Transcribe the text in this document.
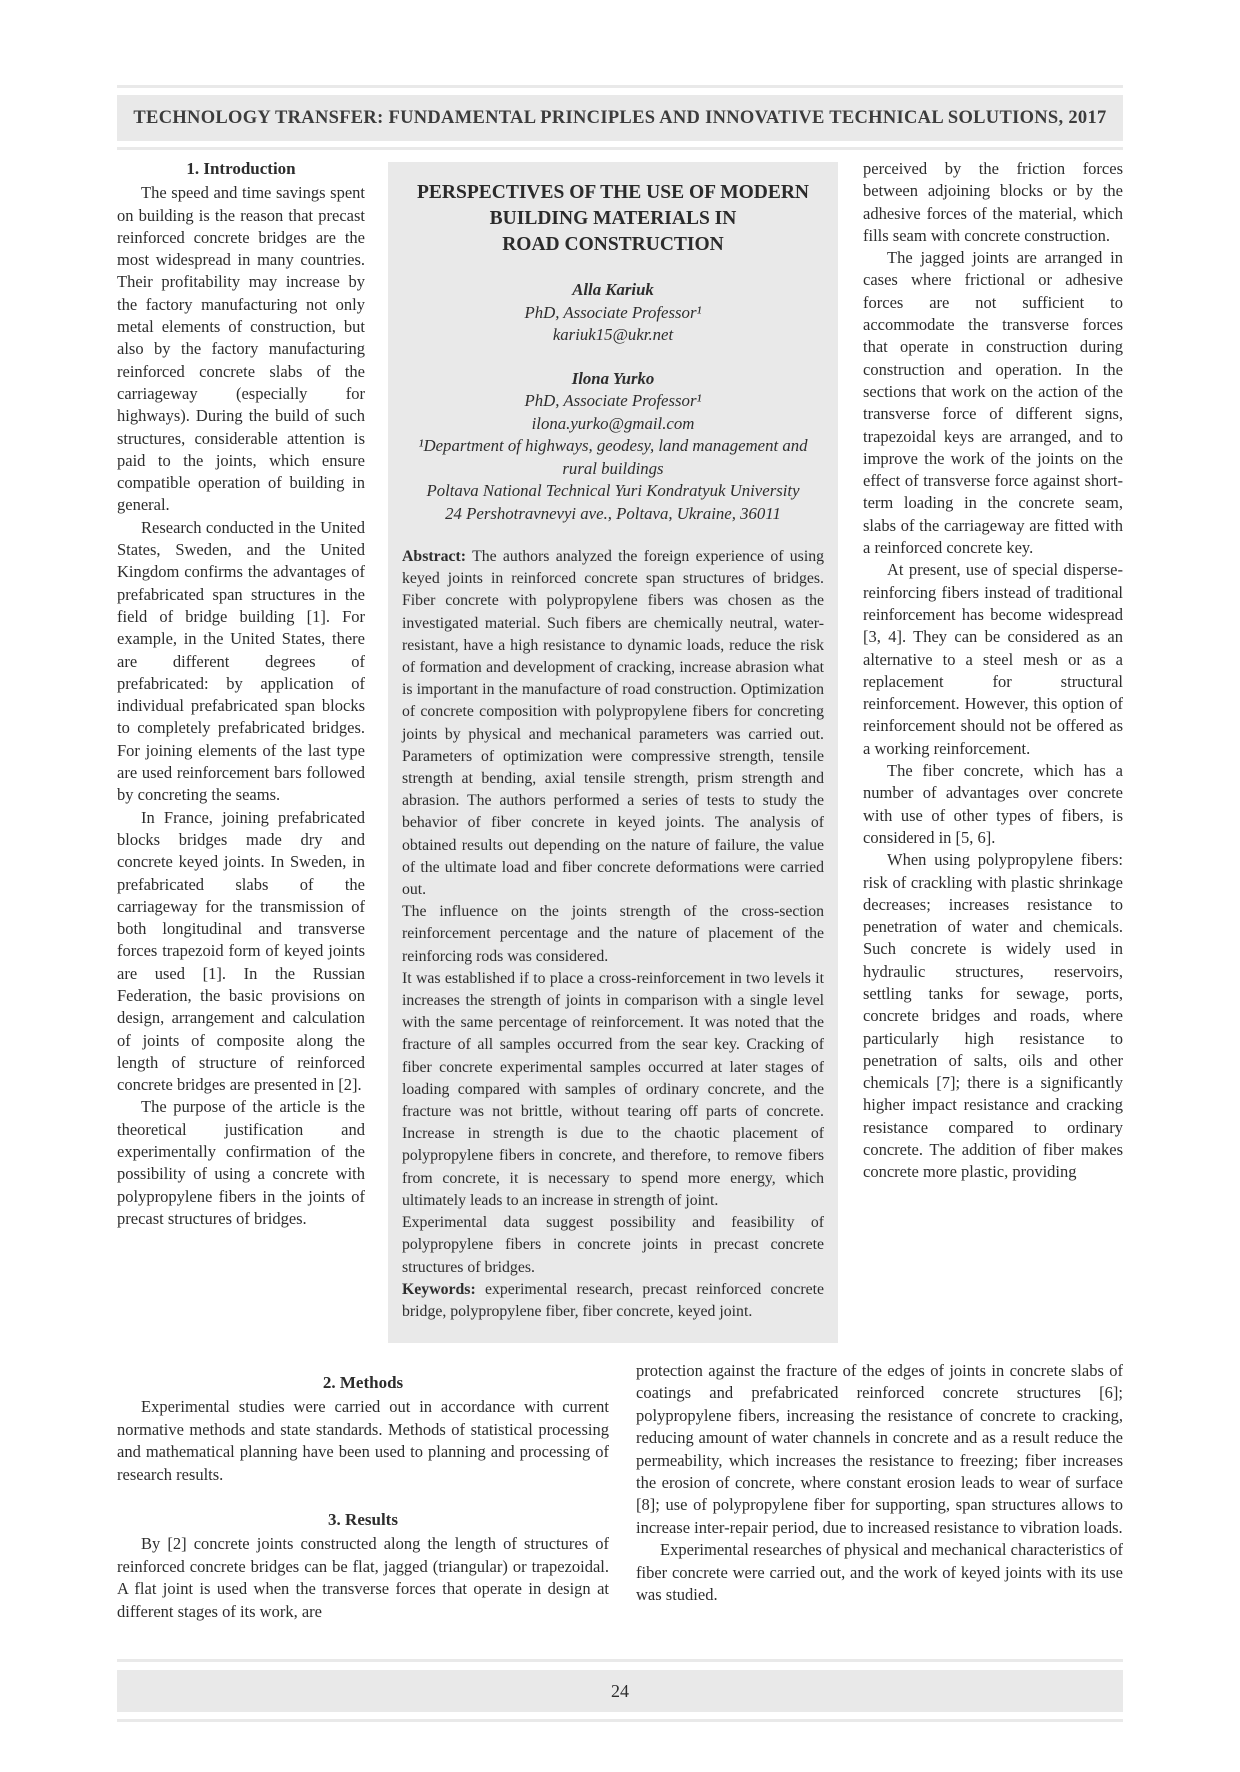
TECHNOLOGY TRANSFER: FUNDAMENTAL PRINCIPLES AND INNOVATIVE TECHNICAL SOLUTIONS, 2017
1. Introduction

The speed and time savings spent on building is the reason that precast reinforced concrete bridges are the most widespread in many countries. Their profitability may increase by the factory manufacturing not only metal elements of construction, but also by the factory manufacturing reinforced concrete slabs of the carriageway (especially for highways). During the build of such structures, considerable attention is paid to the joints, which ensure compatible operation of building in general.

Research conducted in the United States, Sweden, and the United Kingdom confirms the advantages of prefabricated span structures in the field of bridge building [1]. For example, in the United States, there are different degrees of prefabricated: by application of individual prefabricated span blocks to completely prefabricated bridges. For joining elements of the last type are used reinforcement bars followed by concreting the seams.

In France, joining prefabricated blocks bridges made dry and concrete keyed joints. In Sweden, in prefabricated slabs of the carriageway for the transmission of both longitudinal and transverse forces trapezoid form of keyed joints are used [1]. In the Russian Federation, the basic provisions on design, arrangement and calculation of joints of composite along the length of structure of reinforced concrete bridges are presented in [2].

The purpose of the article is the theoretical justification and experimentally confirmation of the possibility of using a concrete with polypropylene fibers in the joints of precast structures of bridges.

PERSPECTIVES OF THE USE OF MODERN
BUILDING MATERIALS IN
ROAD CONSTRUCTION
Alla Kariuk
PhD, Associate Professor¹
kariuk15@ukr.net
Ilona Yurko
PhD, Associate Professor¹
ilona.yurko@gmail.com
¹Department of highways, geodesy, land management and rural buildings
Poltava National Technical Yuri Kondratyuk University
24 Pershotravnevyi ave., Poltava, Ukraine, 36011

Abstract: The authors analyzed the foreign experience of using keyed joints in reinforced concrete span structures of bridges. Fiber concrete with polypropylene fibers was chosen as the investigated material. Such fibers are chemically neutral, water-resistant, have a high resistance to dynamic loads, reduce the risk of formation and development of cracking, increase abrasion what is important in the manufacture of road construction. Optimization of concrete composition with polypropylene fibers for concreting joints by physical and mechanical parameters was carried out. Parameters of optimization were compressive strength, tensile strength at bending, axial tensile strength, prism strength and abrasion. The authors performed a series of tests to study the behavior of fiber concrete in keyed joints. The analysis of obtained results out depending on the nature of failure, the value of the ultimate load and fiber concrete deformations were carried out.

The influence on the joints strength of the cross-section reinforcement percentage and the nature of placement of the reinforcing rods was considered.

It was established if to place a cross-reinforcement in two levels it increases the strength of joints in comparison with a single level with the same percentage of reinforcement. It was noted that the fracture of all samples occurred from the sear key. Cracking of fiber concrete experimental samples occurred at later stages of loading compared with samples of ordinary concrete, and the fracture was not brittle, without tearing off parts of concrete. Increase in strength is due to the chaotic placement of polypropylene fibers in concrete, and therefore, to remove fibers from concrete, it is necessary to spend more energy, which ultimately leads to an increase in strength of joint.

Experimental data suggest possibility and feasibility of polypropylene fibers in concrete joints in precast concrete structures of bridges.

Keywords: experimental research, precast reinforced concrete bridge, polypropylene fiber, fiber concrete, keyed joint.

perceived by the friction forces between adjoining blocks or by the adhesive forces of the material, which fills seam with concrete construction.

The jagged joints are arranged in cases where frictional or adhesive forces are not sufficient to accommodate the transverse forces that operate in construction during construction and operation. In the sections that work on the action of the transverse force of different signs, trapezoidal keys are arranged, and to improve the work of the joints on the effect of transverse force against short-term loading in the concrete seam, slabs of the carriageway are fitted with a reinforced concrete key.

At present, use of special disperse-reinforcing fibers instead of traditional reinforcement has become widespread [3, 4]. They can be considered as an alternative to a steel mesh or as a replacement for structural reinforcement. However, this option of reinforcement should not be offered as a working reinforcement.

The fiber concrete, which has a number of advantages over concrete with use of other types of fibers, is considered in [5, 6].

When using polypropylene fibers: risk of crackling with plastic shrinkage decreases; increases resistance to penetration of water and chemicals. Such concrete is widely used in hydraulic structures, reservoirs, settling tanks for sewage, ports, concrete bridges and roads, where particularly high resistance to penetration of salts, oils and other chemicals [7]; there is a significantly higher impact resistance and cracking resistance compared to ordinary concrete. The addition of fiber makes concrete more plastic, providing

2. Methods

Experimental studies were carried out in accordance with current normative methods and state standards. Methods of statistical processing and mathematical planning have been used to planning and processing of research results.

3. Results

By [2] concrete joints constructed along the length of structures of reinforced concrete bridges can be flat, jagged (triangular) or trapezoidal. A flat joint is used when the transverse forces that operate in design at different stages of its work, are

protection against the fracture of the edges of joints in concrete slabs of coatings and prefabricated reinforced concrete structures [6]; polypropylene fibers, increasing the resistance of concrete to cracking, reducing amount of water channels in concrete and as a result reduce the permeability, which increases the resistance to freezing; fiber increases the erosion of concrete, where constant erosion leads to wear of surface [8]; use of polypropylene fiber for supporting, span structures allows to increase inter-repair period, due to increased resistance to vibration loads.

Experimental researches of physical and mechanical characteristics of fiber concrete were carried out, and the work of keyed joints with its use was studied.

24
